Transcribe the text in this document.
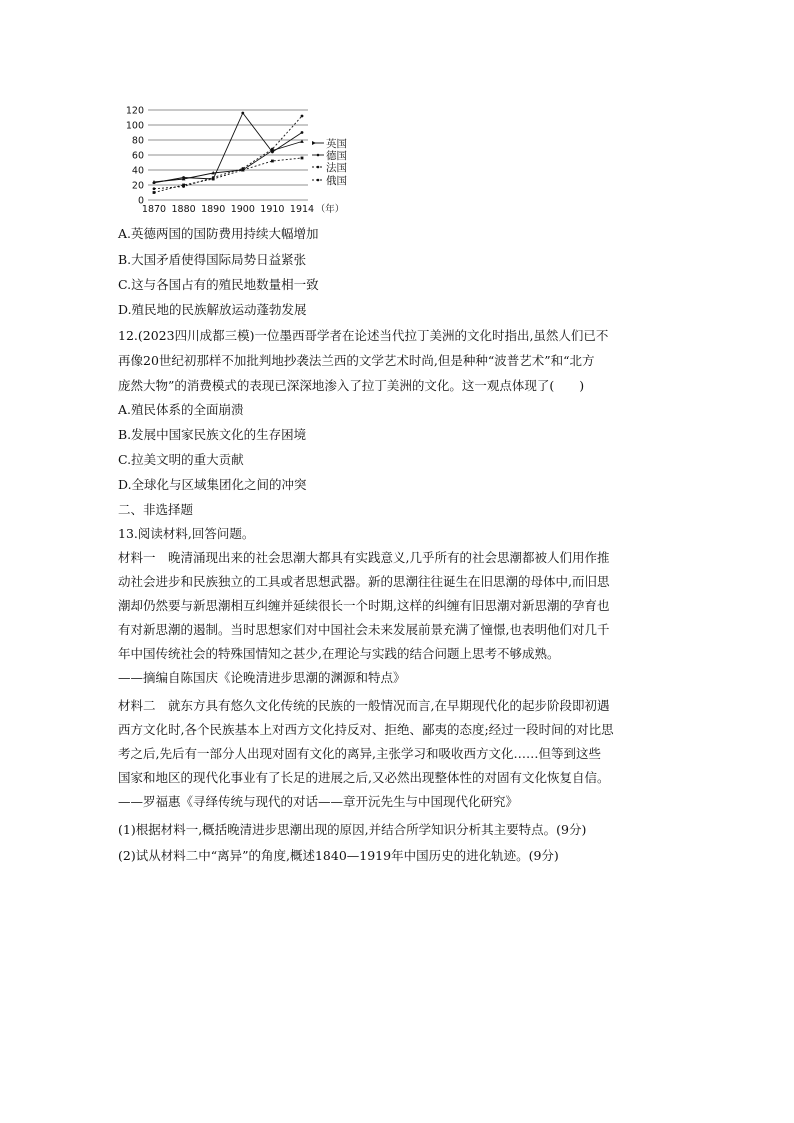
0
20
40
60
80
100
120
1870 1880 1890 1900 1910 1914 （年）
英国
德国
法国
俄国
A.英德两国的国防费用持续大幅增加
B.大国矛盾使得国际局势日益紧张
C.这与各国占有的殖民地数量相一致
D.殖民地的民族解放运动蓬勃发展
12.(2023四川成都三模)一位墨西哥学者在论述当代拉丁美洲的文化时指出,虽然人们已不
再像20世纪初那样不加批判地抄袭法兰西的文学艺术时尚,但是种种“波普艺术”和“北方
庞然大物”的消费模式的表现已深深地渗入了拉丁美洲的文化。这一观点体现了(　　)
A.殖民体系的全面崩溃
B.发展中国家民族文化的生存困境
C.拉美文明的重大贡献
D.全球化与区域集团化之间的冲突
二、非选择题
13.阅读材料,回答问题。
材料一　晚清涌现出来的社会思潮大都具有实践意义,几乎所有的社会思潮都被人们用作推
动社会进步和民族独立的工具或者思想武器。新的思潮往往诞生在旧思潮的母体中,而旧思
潮却仍然要与新思潮相互纠缠并延续很长一个时期,这样的纠缠有旧思潮对新思潮的孕育也
有对新思潮的遏制。当时思想家们对中国社会未来发展前景充满了憧憬,也表明他们对几千
年中国传统社会的特殊国情知之甚少,在理论与实践的结合问题上思考不够成熟。
——摘编自陈国庆《论晚清进步思潮的渊源和特点》
材料二　就东方具有悠久文化传统的民族的一般情况而言,在早期现代化的起步阶段即初遇
西方文化时,各个民族基本上对西方文化持反对、拒绝、鄙夷的态度;经过一段时间的对比思
考之后,先后有一部分人出现对固有文化的离异,主张学习和吸收西方文化……但等到这些
国家和地区的现代化事业有了长足的进展之后,又必然出现整体性的对固有文化恢复自信。
——罗福惠《寻绎传统与现代的对话——章开沅先生与中国现代化研究》
(1)根据材料一,概括晚清进步思潮出现的原因,并结合所学知识分析其主要特点。(9分)
(2)试从材料二中“离异”的角度,概述1840—1919年中国历史的进化轨迹。(9分)
